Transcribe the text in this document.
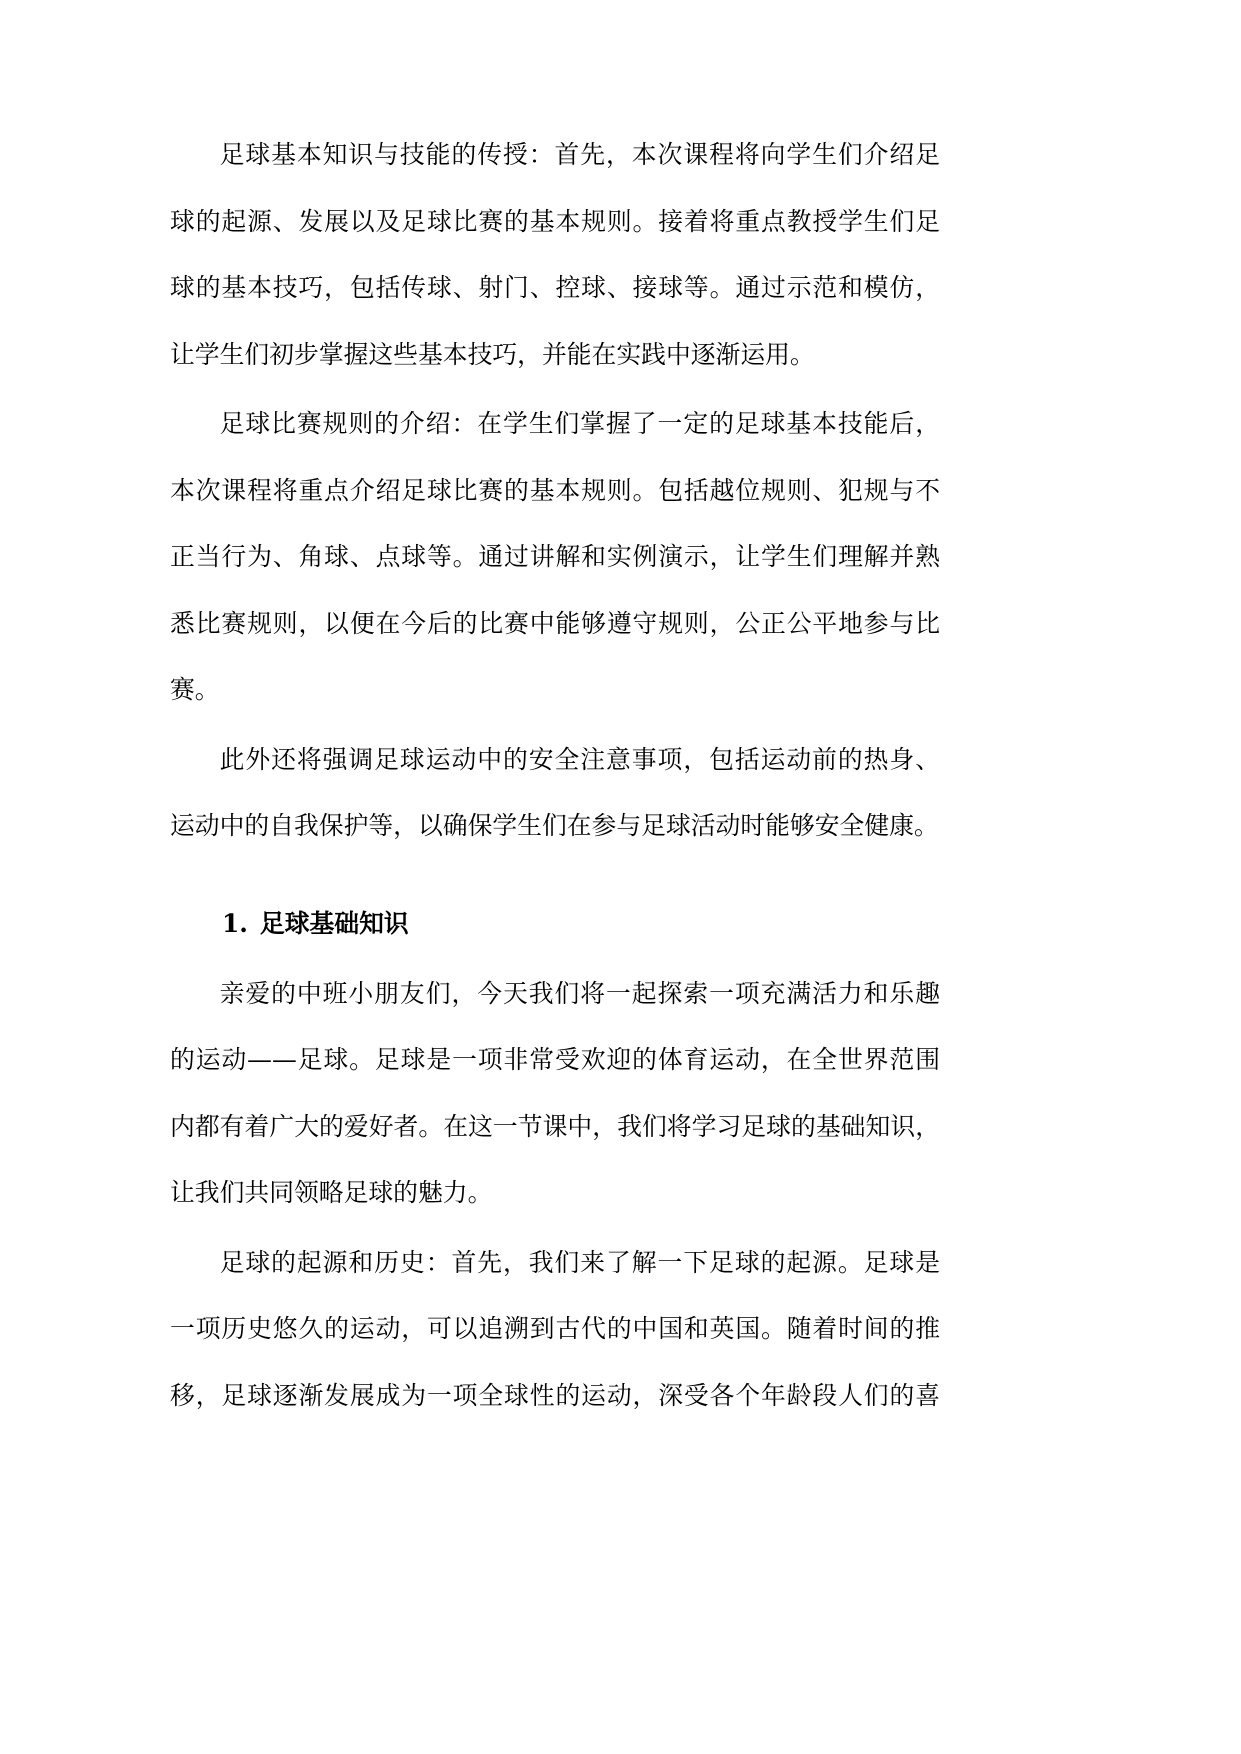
足球基本知识与技能的传授：首先，本次课程将向学生们介绍足
球的起源、发展以及足球比赛的基本规则。接着将重点教授学生们足
球的基本技巧，包括传球、射门、控球、接球等。通过示范和模仿，
让学生们初步掌握这些基本技巧，并能在实践中逐渐运用。
足球比赛规则的介绍：在学生们掌握了一定的足球基本技能后，
本次课程将重点介绍足球比赛的基本规则。包括越位规则、犯规与不
正当行为、角球、点球等。通过讲解和实例演示，让学生们理解并熟
悉比赛规则，以便在今后的比赛中能够遵守规则，公正公平地参与比
赛。
此外还将强调足球运动中的安全注意事项，包括运动前的热身、
运动中的自我保护等，以确保学生们在参与足球活动时能够安全健康。
1. 足球基础知识
亲爱的中班小朋友们，今天我们将一起探索一项充满活力和乐趣
的运动——足球。足球是一项非常受欢迎的体育运动，在全世界范围
内都有着广大的爱好者。在这一节课中，我们将学习足球的基础知识，
让我们共同领略足球的魅力。
足球的起源和历史：首先，我们来了解一下足球的起源。足球是
一项历史悠久的运动，可以追溯到古代的中国和英国。随着时间的推
移，足球逐渐发展成为一项全球性的运动，深受各个年龄段人们的喜
